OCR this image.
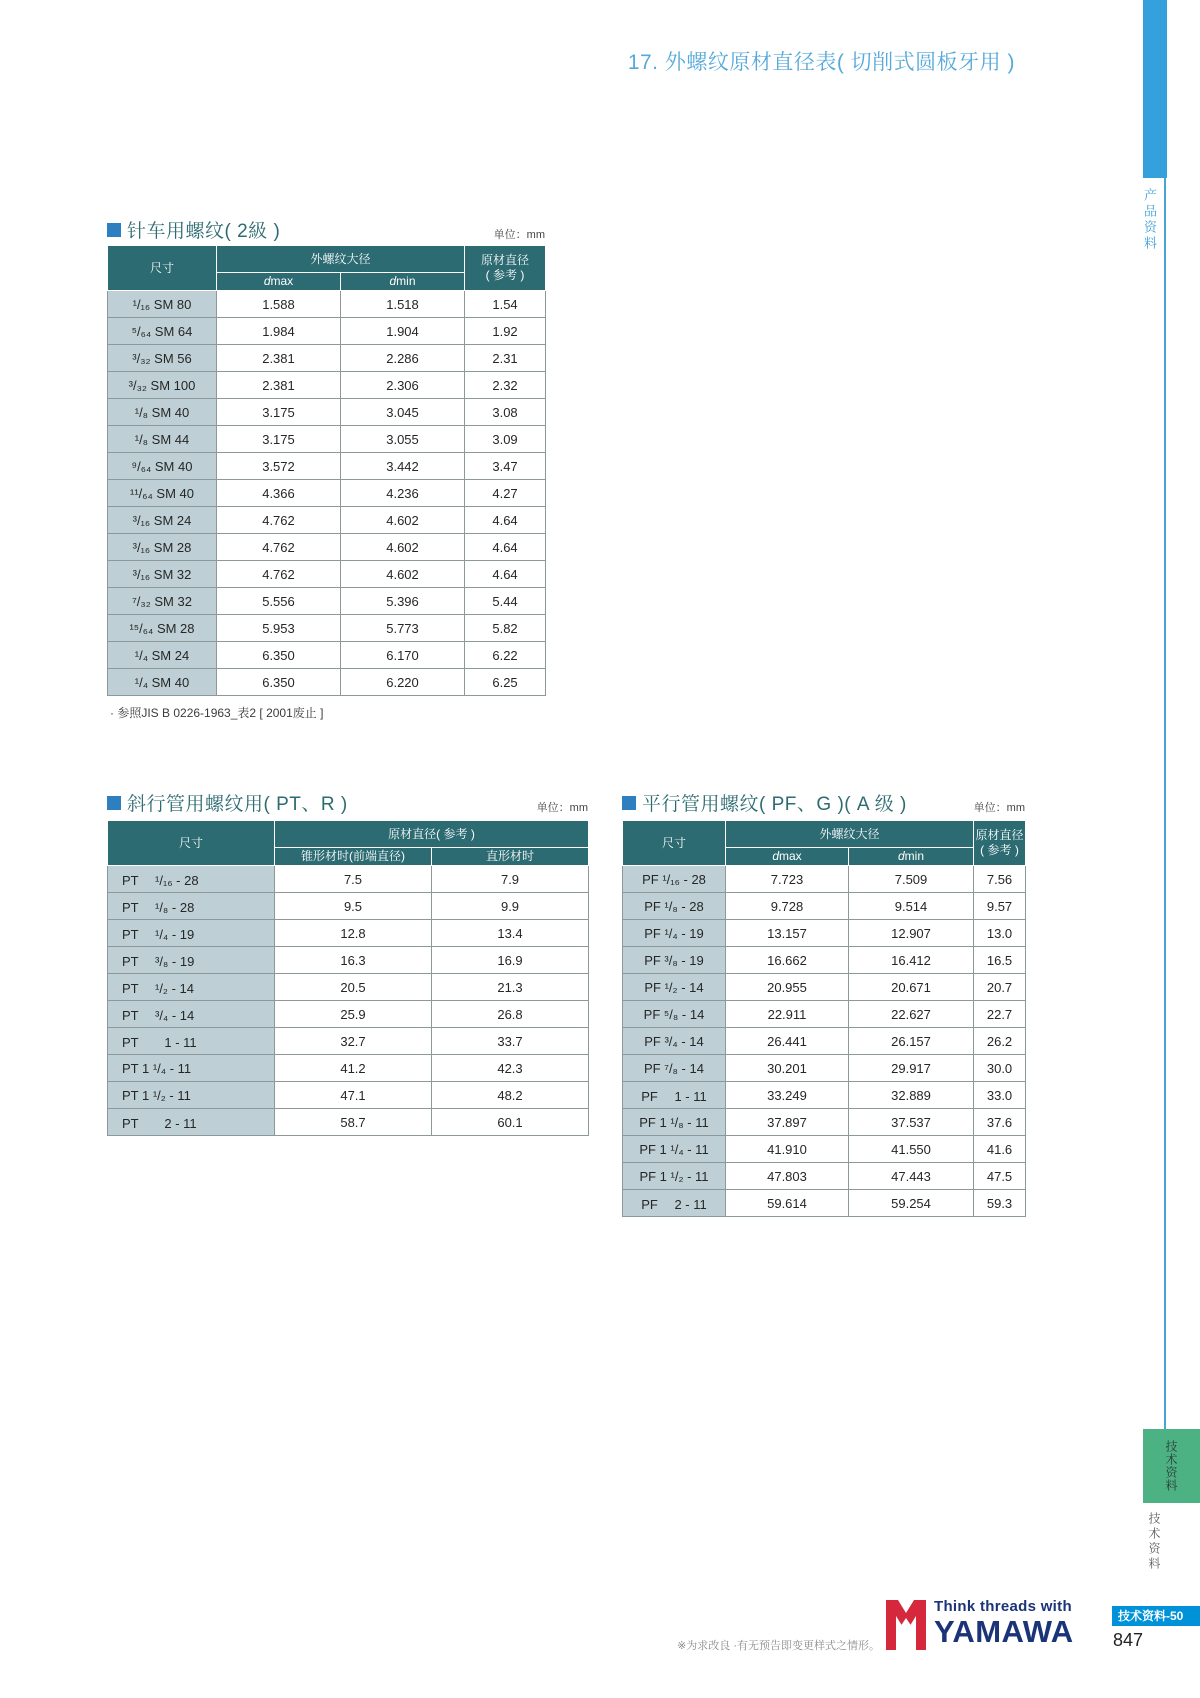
17. 外螺纹原材直径表( 切削式圆板牙用 )
针车用螺纹( 2級 )	单位：mm
尺寸	外螺纹大径		原材直径
( 参考 )

	dmax	dmin	
¹/₁₆ SM 80	1.588	1.518	1.54
⁵/₆₄ SM 64	1.984	1.904	1.92
³/₃₂ SM 56	2.381	2.286	2.31
³/₃₂ SM 100	2.381	2.306	2.32
¹/₈ SM 40	3.175	3.045	3.08
¹/₈ SM 44	3.175	3.055	3.09
⁹/₆₄ SM 40	3.572	3.442	3.47
¹¹/₆₄ SM 40	4.366	4.236	4.27
³/₁₆ SM 24	4.762	4.602	4.64
³/₁₆ SM 28	4.762	4.602	4.64
³/₁₆ SM 32	4.762	4.602	4.64
⁷/₃₂ SM 32	5.556	5.396	5.44
¹⁵/₆₄ SM 28	5.953	5.773	5.82
¹/₄ SM 24	6.350	6.170	6.22
¹/₄ SM 40	6.350	6.220	6.25
· 参照JIS B 0226-1963_表2 [ 2001废止 ]
斜行管用螺纹用( PT、R )	单位：mm
尺寸	原材直径( 参考 )	
	锥形材时(前端直径)	直形材时
PT　 ¹/₁₆ - 28	7.5	7.9
PT　 ¹/₈ - 28	9.5	9.9
PT　 ¹/₄ - 19	12.8	13.4
PT　 ³/₈ - 19	16.3	16.9
PT　 ¹/₂ - 14	20.5	21.3
PT　 ³/₄ - 14	25.9	26.8
PT　　1 - 11	32.7	33.7
PT 1 ¹/₄ - 11	41.2	42.3
PT 1 ¹/₂ - 11	47.1	48.2
PT　　2 - 11	58.7	60.1
平行管用螺纹( PF、G )( A 级 )	单位：mm
尺寸	外螺纹大径		原材直径
( 参考 )

	dmax	dmin	
PF ¹/₁₆ - 28	7.723	7.509	7.56
PF ¹/₈ - 28	9.728	9.514	9.57
PF ¹/₄ - 19	13.157	12.907	13.0
PF ³/₈ - 19	16.662	16.412	16.5
PF ¹/₂ - 14	20.955	20.671	20.7
PF ⁵/₈ - 14	22.911	22.627	22.7
PF ³/₄ - 14	26.441	26.157	26.2
PF ⁷/₈ - 14	30.201	29.917	30.0
PF　 1 - 11	33.249	32.889	33.0
PF 1 ¹/₈ - 11	37.897	37.537	37.6
PF 1 ¹/₄ - 11	41.910	41.550	41.6
PF 1 ¹/₂ - 11	47.803	47.443	47.5
PF　 2 - 11	59.614	59.254	59.3
产品资料
技术资料
技术资料
※为求改良 ·有无预告即变更样式之情形。
Think threads with
YAMAWA	技术资料-50
847
